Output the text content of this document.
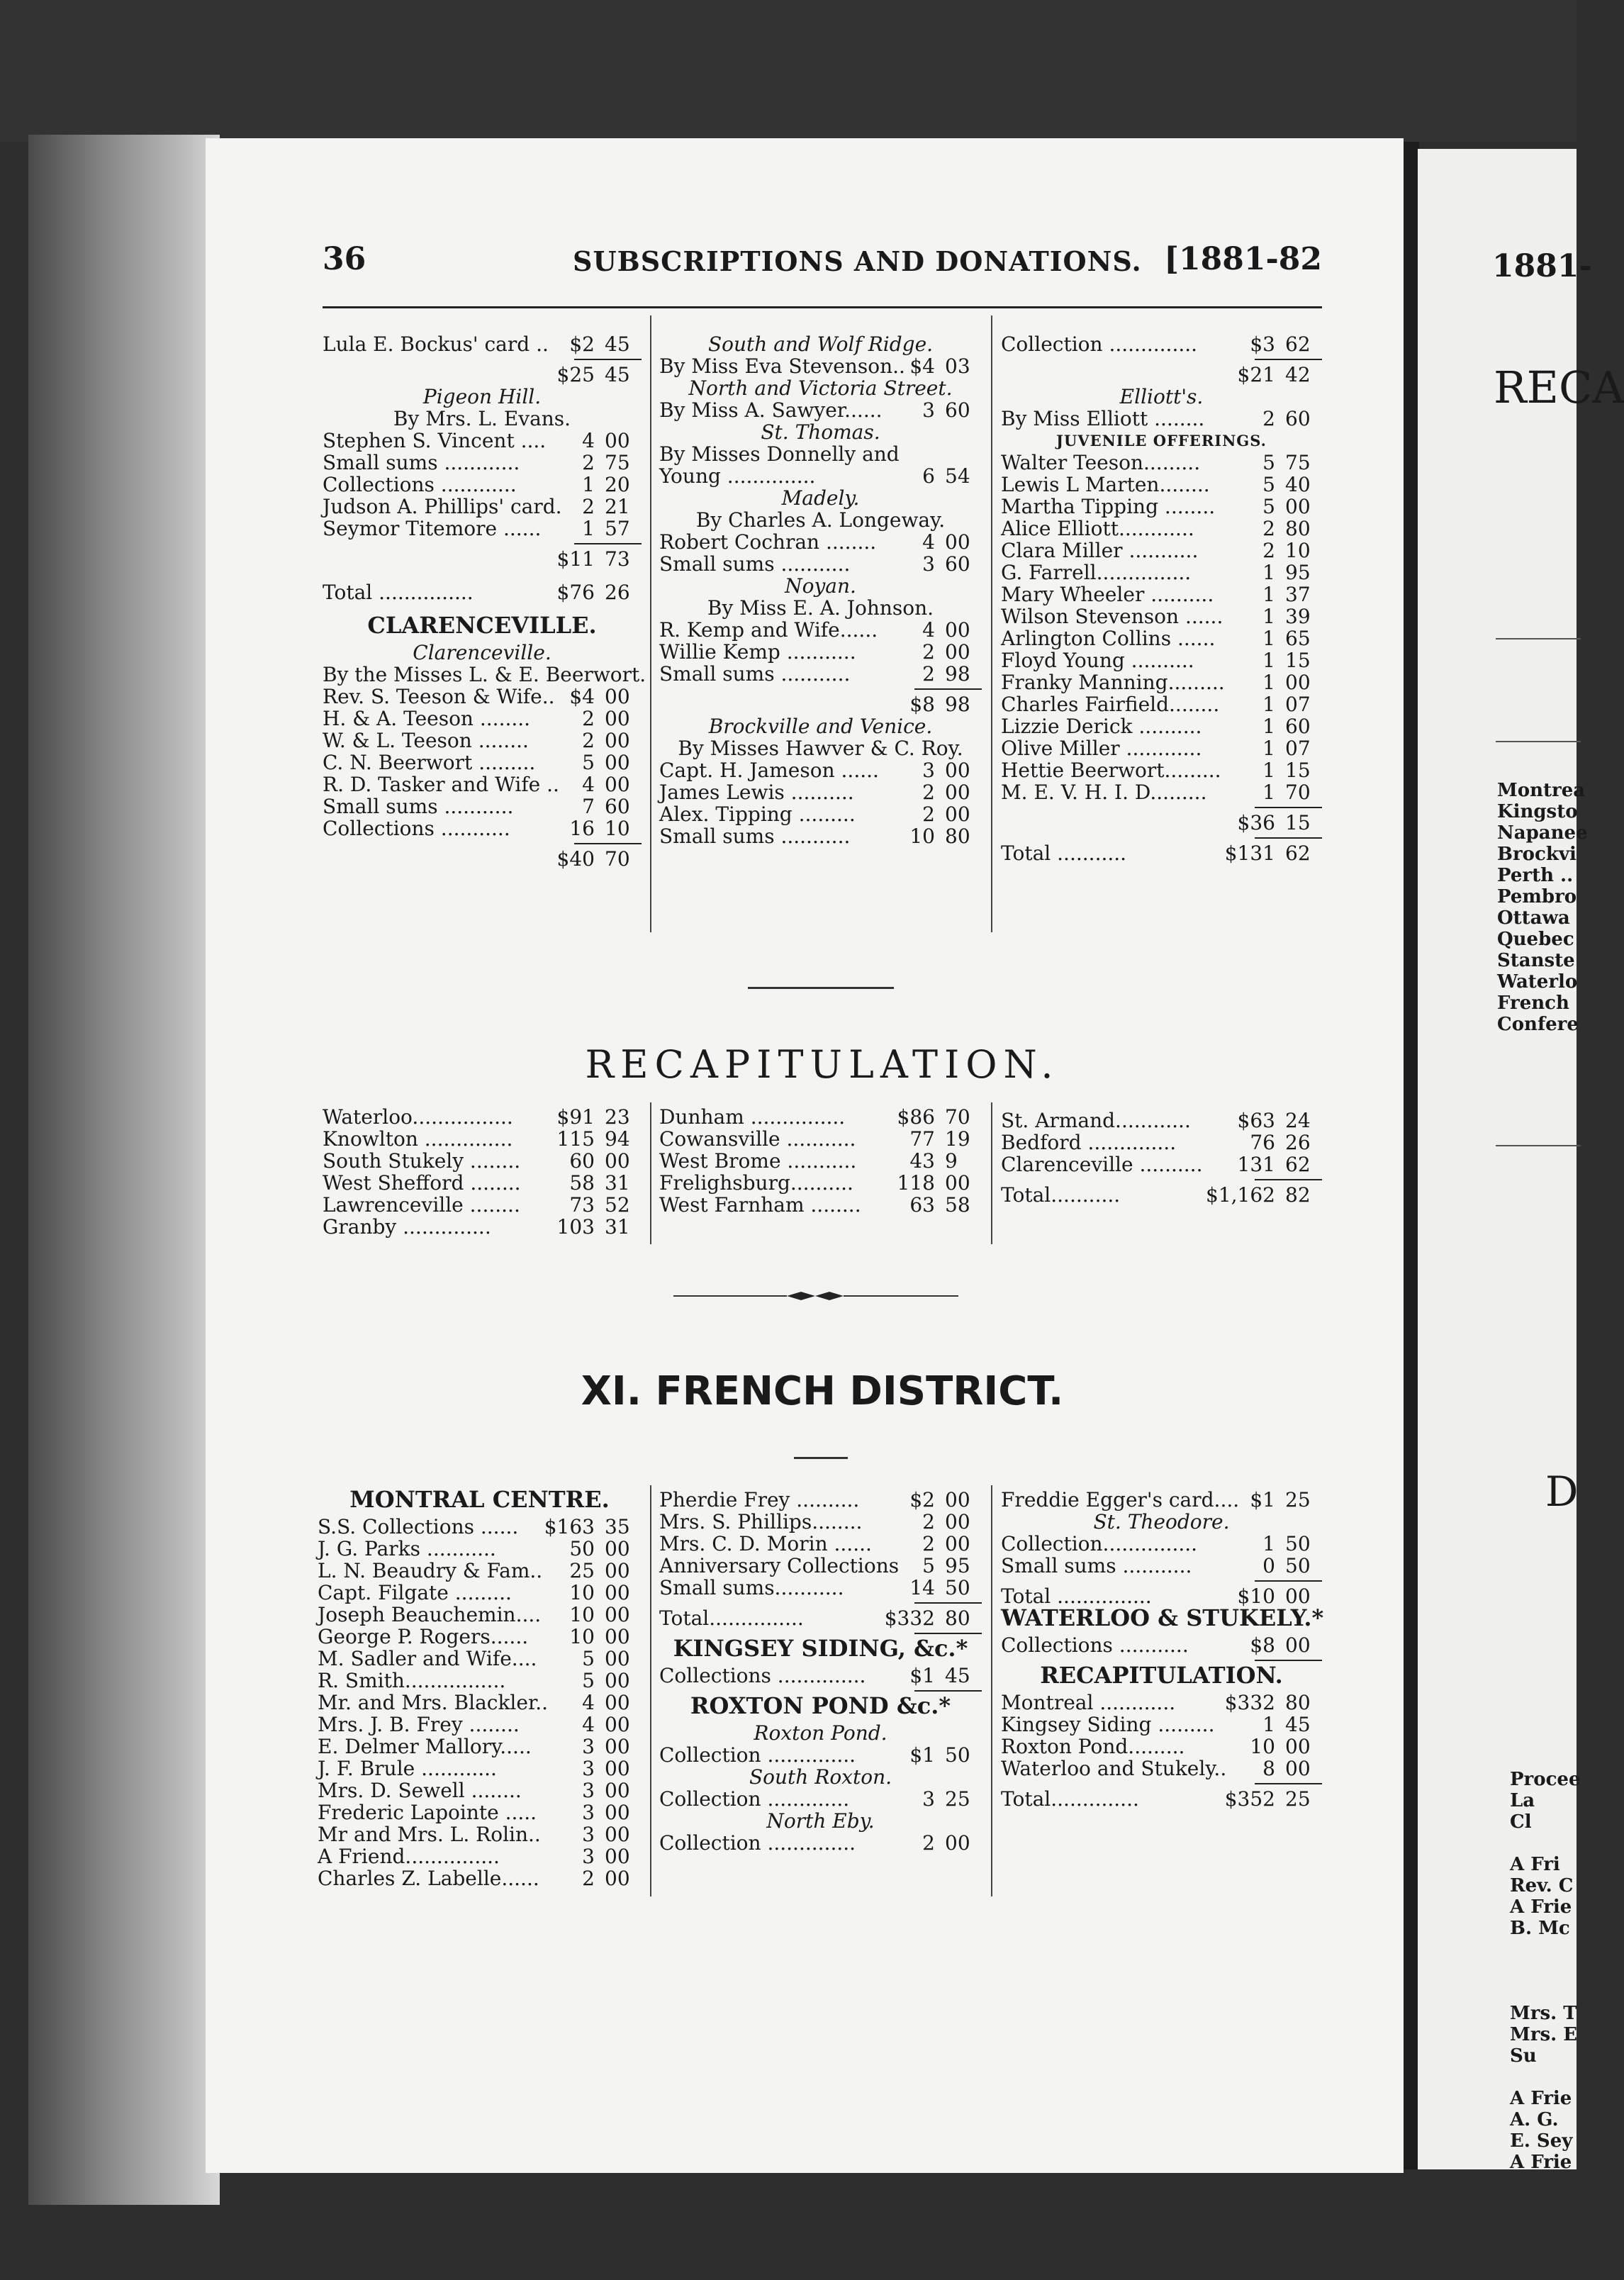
1881-
RECA
Montrea
Kingsto
Napanee
Brockvi
Perth ..
Pembro
Ottawa
Quebec
Stanste
Waterlo
French
Confere
D
Procee
La
Cl
A Fri
Rev. C
A Frie
B. Mc
Mrs. T
Mrs. E
Su
A Frie
A. G.
E. Sey
A Frie
36	SUBSCRIPTIONS AND DONATIONS. [1881-82
Lula E. Bockus' card .. $2 45
$25 45
Pigeon Hill.
By Mrs. L. Evans.
Stephen S. Vincent .... 4 00
Small sums ............	2 75
Collections ............	1 20
Judson A. Phillips' card. 2 21
Seymor Titemore ...... 1 57
$11 73
Total ...............	$76 26
CLARENCEVILLE.
Clarenceville.
By the Misses L. & E. Beerwort.
Rev. S. Teeson & Wife.. $4 00
H. & A. Teeson ........	2 00
W. & L. Teeson ........	2 00
C. N. Beerwort ......... 5 00
R. D. Tasker and Wife .. 4 00
Small sums ...........	7 60
Collections ...........	16 10
$40 70
South and Wolf Ridge.
By Miss Eva Stevenson.. $4 03
North and Victoria Street.
By Miss A. Sawyer...... 3 60
St. Thomas.
By Misses Donnelly and
Young ..............	6 54
Madely.
By Charles A. Longeway.
Robert Cochran ........ 4 00
Small sums ...........	3 60
Noyan.
By Miss E. A. Johnson.
R. Kemp and Wife...... 4 00
Willie Kemp ...........	2 00
Small sums ...........	2 98
$8 98
Brockville and Venice.
By Misses Hawver & C. Roy.
Capt. H. Jameson ...... 3 00
James Lewis ..........	2 00
Alex. Tipping .........	2 00
Small sums ...........	10 80
Collection ..............	$3 62
$21 42
Elliott's.
By Miss Elliott ........	2 60
JUVENILE OFFERINGS.
Walter Teeson.........	5 75
Lewis L Marten........	5 40
Martha Tipping ........ 5 00
Alice Elliott............	2 80
Clara Miller ...........	2 10
G. Farrell...............	1 95
Mary Wheeler .......... 1 37
Wilson Stevenson ...... 1 39
Arlington Collins ...... 1 65
Floyd Young ..........	1 15
Franky Manning......... 1 00
Charles Fairfield........ 1 07
Lizzie Derick ..........	1 60
Olive Miller ............	1 07
Hettie Beerwort......... 1 15
M. E. V. H. I. D.........	1 70
$36 15
Total ...........	$131 62
RECAPITULATION.
Waterloo................ $91 23
Knowlton .............. 115 94
South Stukely ........ 60 00
West Shefford ........ 58 31
Lawrenceville ........ 73 52
Granby ..............	103 31
Dunham ...............	$86 70
Cowansville ...........	77 19
West Brome ...........	43 9
Frelighsburg.......... 118 00
West Farnham ........ 63 58
St. Armand............ $63 24
Bedford ..............	76 26
Clarenceville .......... 131 62
Total...........	$1,162 82
XI. FRENCH DISTRICT.
MONTRAL CENTRE.
S.S. Collections ...... $163 35
J. G. Parks ...........	50 00
L. N. Beaudry & Fam.. 25 00
Capt. Filgate .........	10 00
Joseph Beauchemin.... 10 00
George P. Rogers...... 10 00
M. Sadler and Wife.... 5 00
R. Smith................	5 00
Mr. and Mrs. Blackler.. 4 00
Mrs. J. B. Frey ........	4 00
E. Delmer Mallory.....	3 00
J. F. Brule ............	3 00
Mrs. D. Sewell ........	3 00
Frederic Lapointe ..... 3 00
Mr and Mrs. L. Rolin.. 3 00
A Friend...............	3 00
Charles Z. Labelle...... 2 00
Pherdie Frey ..........	$2 00
Mrs. S. Phillips........	2 00
Mrs. C. D. Morin ......	2 00
Anniversary Collections 5 95
Small sums...........	14 50
Total...............	$332 80
KINGSEY SIDING, &c.*
Collections .............. $1 45
ROXTON POND &c.*
Roxton Pond.
Collection ..............	$1 50
South Roxton.
Collection .............	3 25
North Eby.
Collection ..............	2 00
Freddie Egger's card.... $1 25
St. Theodore.
Collection...............	1 50
Small sums ...........	0 50
Total ...............	$10 00
WATERLOO & STUKELY.*
Collections ...........	$8 00
RECAPITULATION.
Montreal ............ $332 80
Kingsey Siding ......... 1 45
Roxton Pond.........	10 00
Waterloo and Stukely.. 8 00
Total..............	$352 25
